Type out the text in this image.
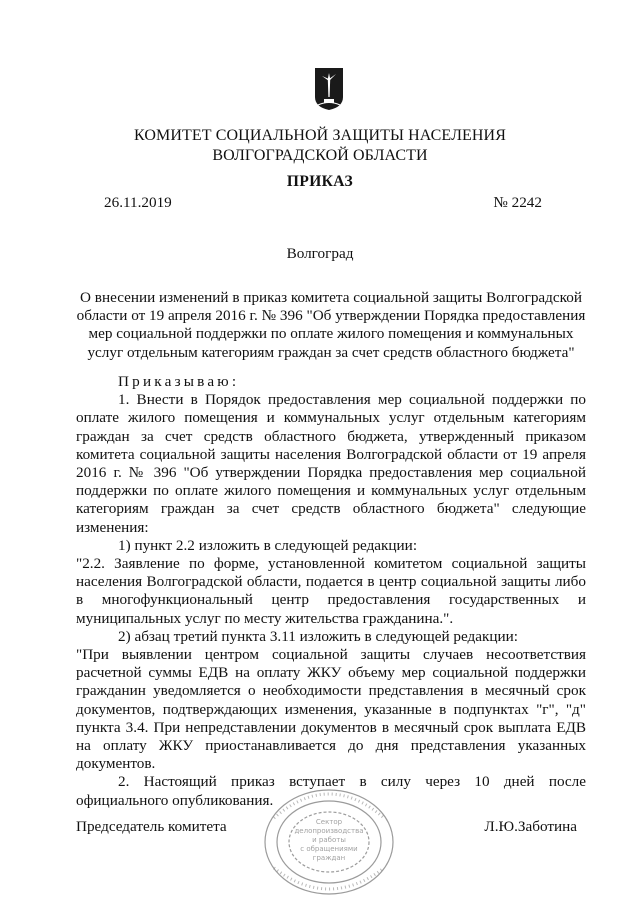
КОМИТЕТ СОЦИАЛЬНОЙ ЗАЩИТЫ НАСЕЛЕНИЯ
ВОЛГОГРАДСКОЙ ОБЛАСТИ
ПРИКАЗ
26.11.2019	№ 2242
Волгоград
О внесении изменений в приказ комитета социальной защиты Волгоградской
области от 19 апреля 2016 г. № 396 "Об утверждении Порядка предоставления
мер социальной поддержки по оплате жилого помещения и коммунальных
услуг отдельным категориям граждан за счет средств областного бюджета"

Приказываю:

1. Внести в Порядок предоставления мер социальной поддержки по оплате жилого помещения и коммунальных услуг отдельным категориям граждан за счет средств областного бюджета, утвержденный приказом комитета социальной защиты населения Волгоградской области от 19 апреля 2016 г. № 396 "Об утверждении Порядка предоставления мер социальной поддержки по оплате жилого помещения и коммунальных услуг отдельным категориям граждан за счет средств областного бюджета" следующие изменения:

1) пункт 2.2 изложить в следующей редакции:

"2.2. Заявление по форме, установленной комитетом социальной защиты населения Волгоградской области, подается в центр социальной защиты либо в многофункциональный центр предоставления государственных и муниципальных услуг по месту жительства гражданина.".

2) абзац третий пункта 3.11 изложить в следующей редакции:

"При выявлении центром социальной защиты случаев несоответствия расчетной суммы ЕДВ на оплату ЖКУ объему мер социальной поддержки гражданин уведомляется о необходимости представления в месячный срок документов, подтверждающих изменения, указанные в подпунктах "г", "д" пункта 3.4. При непредставлении документов в месячный срок выплата ЕДВ на оплату ЖКУ приостанавливается до дня представления указанных документов.

2. Настоящий приказ вступает в силу через 10 дней после официального опубликования.

Председатель комитета	Л.Ю.Заботина
Сектор
делопроизводства
и работы
с обращениями
граждан
